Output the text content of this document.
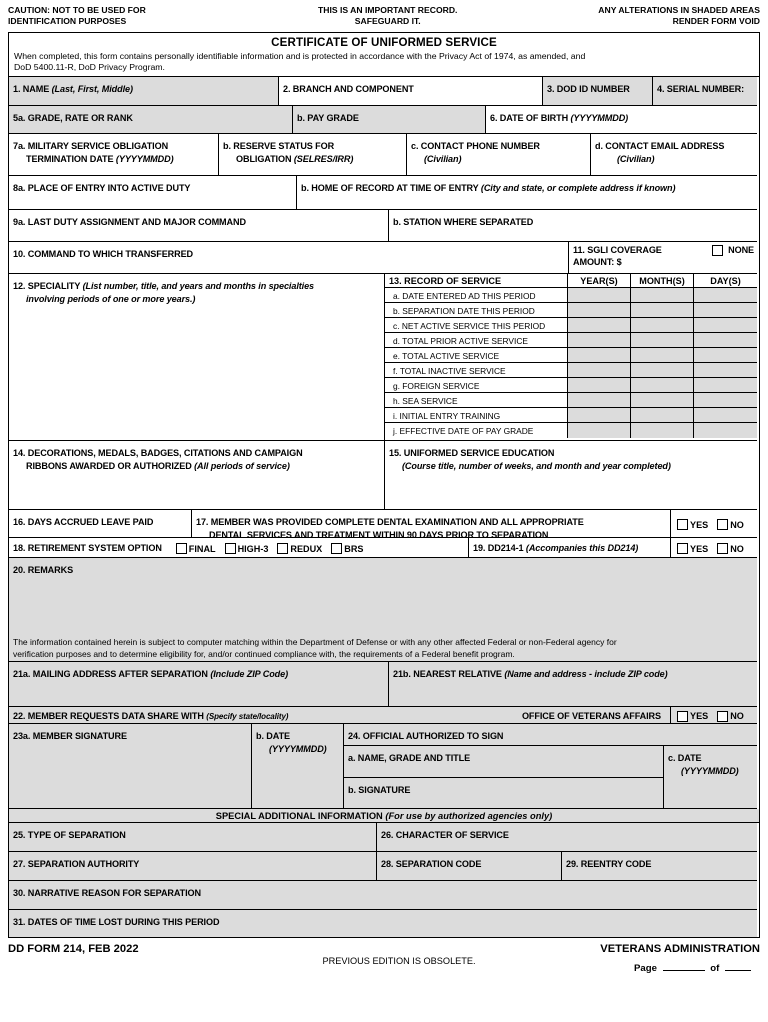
CAUTION: NOT TO BE USED FOR
IDENTIFICATION PURPOSES
THIS IS AN IMPORTANT RECORD.
SAFEGUARD IT.
ANY ALTERATIONS IN SHADED AREAS
RENDER FORM VOID
CERTIFICATE OF UNIFORMED SERVICE
When completed, this form contains personally identifiable information and is protected in accordance with the Privacy Act of 1974, as amended, and
DoD 5400.11-R, DoD Privacy Program.
1. NAME (Last, First, Middle)	2. BRANCH AND COMPONENT	3. DOD ID NUMBER	4. SERIAL NUMBER:
5a. GRADE, RATE OR RANK	b. PAY GRADE	6. DATE OF BIRTH (YYYYMMDD)
7a. MILITARY SERVICE OBLIGATION
TERMINATION DATE (YYYYMMDD)
b. RESERVE STATUS FOR
OBLIGATION (SELRES/IRR)
c. CONTACT PHONE NUMBER
(Civilian)
d. CONTACT EMAIL ADDRESS
(Civilian)
8a. PLACE OF ENTRY INTO ACTIVE DUTY	b. HOME OF RECORD AT TIME OF ENTRY (City and state, or complete address if known)
9a. LAST DUTY ASSIGNMENT AND MAJOR COMMAND	b. STATION WHERE SEPARATED
10. COMMAND TO WHICH TRANSFERRED	11. SGLI COVERAGE	NONE
AMOUNT: $
12. SPECIALITY (List number, title, and years and months in specialties
involving periods of one or more years.)
13. RECORD OF SERVICE	YEAR(S)	MONTH(S)	DAY(S)
a. DATE ENTERED AD THIS PERIOD
b. SEPARATION DATE THIS PERIOD
c. NET ACTIVE SERVICE THIS PERIOD
d. TOTAL PRIOR ACTIVE SERVICE
e. TOTAL ACTIVE SERVICE
f. TOTAL INACTIVE SERVICE
g. FOREIGN SERVICE
h. SEA SERVICE
i. INITIAL ENTRY TRAINING
j. EFFECTIVE DATE OF PAY GRADE
14. DECORATIONS, MEDALS, BADGES, CITATIONS AND CAMPAIGN
RIBBONS AWARDED OR AUTHORIZED (All periods of service)
15. UNIFORMED SERVICE EDUCATION
(Course title, number of weeks, and month and year completed)
16. DAYS ACCRUED LEAVE PAID	17. MEMBER WAS PROVIDED COMPLETE DENTAL EXAMINATION AND ALL APPROPRIATE
DENTAL SERVICES AND TREATMENT WITHIN 90 DAYS PRIOR TO SEPARATION
YES NO
18. RETIREMENT SYSTEM OPTION	FINAL HIGH-3 REDUX BRS	19. DD214-1 (Accompanies this DD214)	YES NO
20. REMARKS
The information contained herein is subject to computer matching within the Department of Defense or with any other affected Federal or non-Federal agency for
verification purposes and to determine eligibility for, and/or continued compliance with, the requirements of a Federal benefit program.
21a. MAILING ADDRESS AFTER SEPARATION (Include ZIP Code)	21b. NEAREST RELATIVE (Name and address - include ZIP code)
22. MEMBER REQUESTS DATA SHARE WITH (Specify state/locality)	OFFICE OF VETERANS AFFAIRS	YES NO
23a. MEMBER SIGNATURE	b. DATE
(YYYYMMDD)
24. OFFICIAL AUTHORIZED TO SIGN
a. NAME, GRADE AND TITLE
b. SIGNATURE
c. DATE
(YYYYMMDD)
SPECIAL ADDITIONAL INFORMATION (For use by authorized agencies only)
25. TYPE OF SEPARATION	26. CHARACTER OF SERVICE
27. SEPARATION AUTHORITY	28. SEPARATION CODE	29. REENTRY CODE
30. NARRATIVE REASON FOR SEPARATION
31. DATES OF TIME LOST DURING THIS PERIOD
DD FORM 214, FEB 2022
PREVIOUS EDITION IS OBSOLETE.
VETERANS ADMINISTRATION
Page	of
